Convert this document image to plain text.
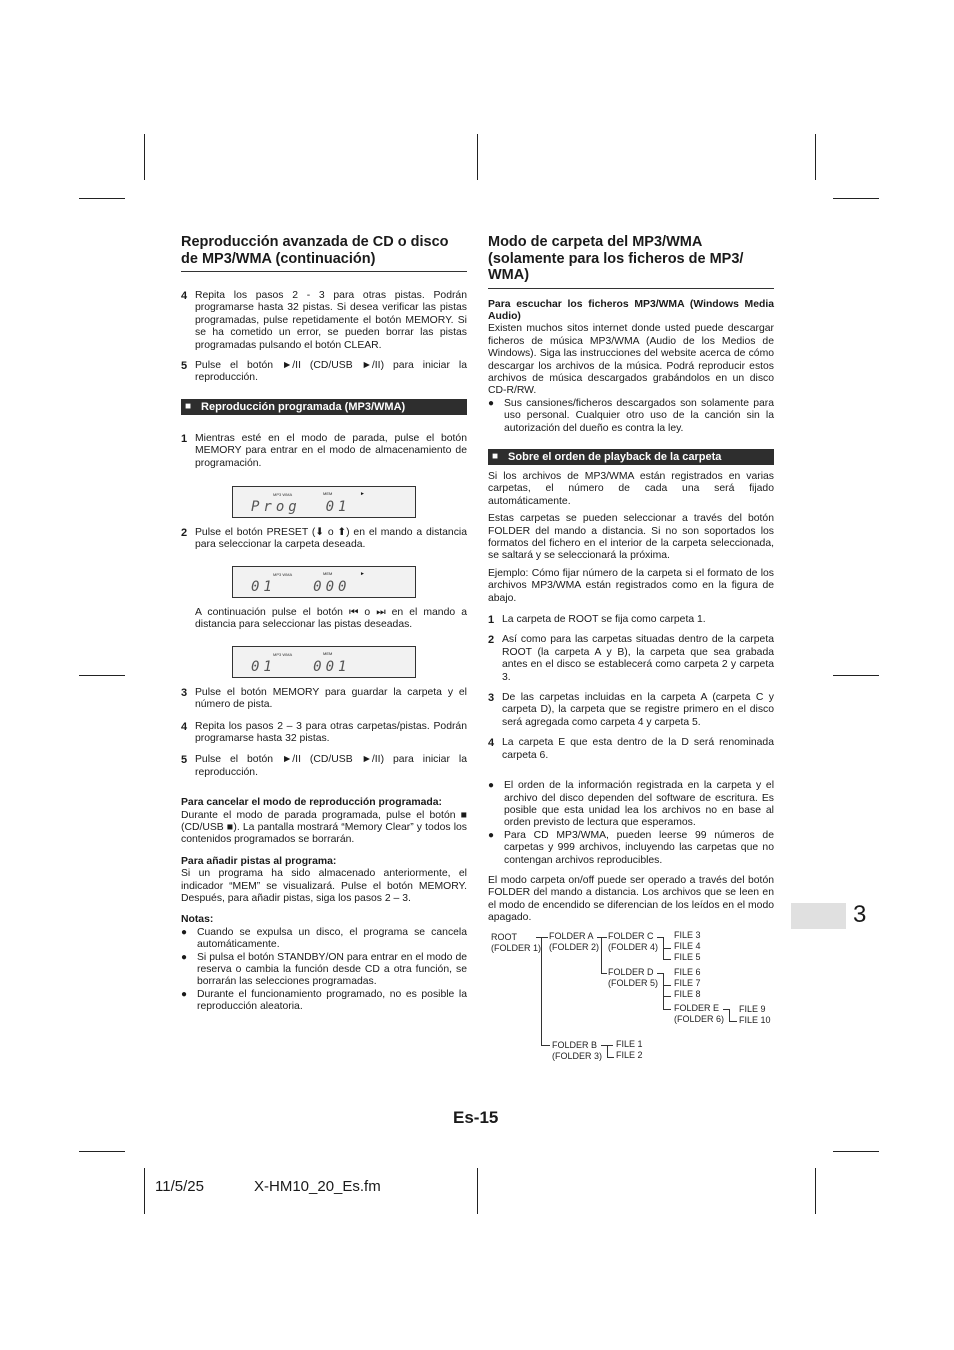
Reproducción avanzada de CD o disco de MP3/WMA (continuación)
4 Repita los pasos 2 - 3 para otras pistas. Podrán programarse hasta 32 pistas. Si desea verificar las pistas programadas, pulse repetidamente el botón MEMORY. Si se ha cometido un error, se pueden borrar las pistas programadas pulsando el botón CLEAR.
5 Pulse el botón ►/II (CD/USB ►/II) para iniciar la reproducción.
■ Reproducción programada (MP3/WMA)
1 Mientras esté en el modo de parada, pulse el botón MEMORY para entrar en el modo de almacenamiento de programación.
MP3 WMA	MEM	►
Prog  01
2 Pulse el botón PRESET (⬇ o ⬆) en el mando a distancia para seleccionar la carpeta deseada.
MP3 WMA	MEM	►
01   000
A continuación pulse el botón ⏮ o ⏭ en el mando a distancia para seleccionar las pistas deseadas.
MP3 WMA	MEM
01   001
3 Pulse el botón MEMORY para guardar la carpeta y el número de pista.
4 Repita los pasos 2 – 3 para otras carpetas/pistas. Podrán programarse hasta 32 pistas.
5 Pulse el botón ►/II (CD/USB ►/II) para iniciar la reproducción.
Para cancelar el modo de reproducción programada:

Durante el modo de parada programada, pulse el botón ■ (CD/USB ■). La pantalla mostrará “Memory Clear” y todos los contenidos programados se borrarán.

Para añadir pistas al programa:

Si un programa ha sido almacenado anteriormente, el indicador “MEM” se visualizará. Pulse el botón MEMORY. Después, para añadir pistas, siga los pasos 2 – 3.

Notas:
● Cuando se expulsa un disco, el programa se cancela automáticamente.
● Si pulsa el botón STANDBY/ON para entrar en el modo de reserva o cambia la función desde CD a otra función, se borrarán las selecciones programadas.
● Durante el funcionamiento programado, no es posible la reproducción aleatoria.
Modo de carpeta del MP3/WMA (solamente para los ficheros de MP3/ WMA)
Para escuchar los ficheros MP3/WMA (Windows Media Audio)
Existen muchos sitos internet donde usted puede descargar ficheros de música MP3/WMA (Audio de los Medios de Windows). Siga las instrucciones del website acerca de cómo descargar los archivos de la música. Podrá reproducir estos archivos de música descargados grabándolos en un disco CD-R/RW.
● Sus cansiones/ficheros descargados son solamente para uso personal. Cualquier otro uso de la canción sin la autorización del dueño es contra la ley.
■ Sobre el orden de playback de la carpeta

Si los archivos de MP3/WMA están registrados en varias carpetas, el número de cada una será fijado automáticamente.

Estas carpetas se pueden seleccionar a través del botón FOLDER del mando a distancia. Si no son soportados los formatos del fichero en el interior de la carpeta seleccionada, se saltará y se seleccionará la próxima.

Ejemplo: Cómo fijar número de la carpeta si el formato de los archivos MP3/WMA están registrados como en la figura de abajo.

1 La carpeta de ROOT se fija como carpeta 1.
2 Así como para las carpetas situadas dentro de la carpeta ROOT (la carpeta A y B), la carpeta que sea grabada antes en el disco se establecerá como carpeta 2 y carpeta 3.
3 De las carpetas incluidas en la carpeta A (carpeta C y carpeta D), la carpeta que se registre primero en el disco será agregada como carpeta 4 y carpeta 5.
4 La carpeta E que esta dentro de la D será renominada carpeta 6.
● El orden de la información registrada en la carpeta y el archivo del disco dependen del software de escritura. Es posible que esta unidad lea los archivos no en base al orden previsto de lectura que esperamos.
● Para CD MP3/WMA, pueden leerse 99 números de carpetas y 999 archivos, incluyendo las carpetas que no contengan archivos reproducibles.

El modo carpeta on/off puede ser operado a través del botón FOLDER del mando a distancia. Los archivos que se leen en el modo de encendido se diferencian de los leídos en el modo apagado.

ROOT
(FOLDER 1)
FOLDER A
(FOLDER 2)
FOLDER C
(FOLDER 4)
FOLDER D
(FOLDER 5)
FOLDER E
(FOLDER 6)
FOLDER B
(FOLDER 3)
FILE 3
FILE 4
FILE 5
FILE 6
FILE 7
FILE 8
FILE 9
FILE 10
FILE 1
FILE 2
3
Es-15
11/5/25	X-HM10_20_Es.fm
